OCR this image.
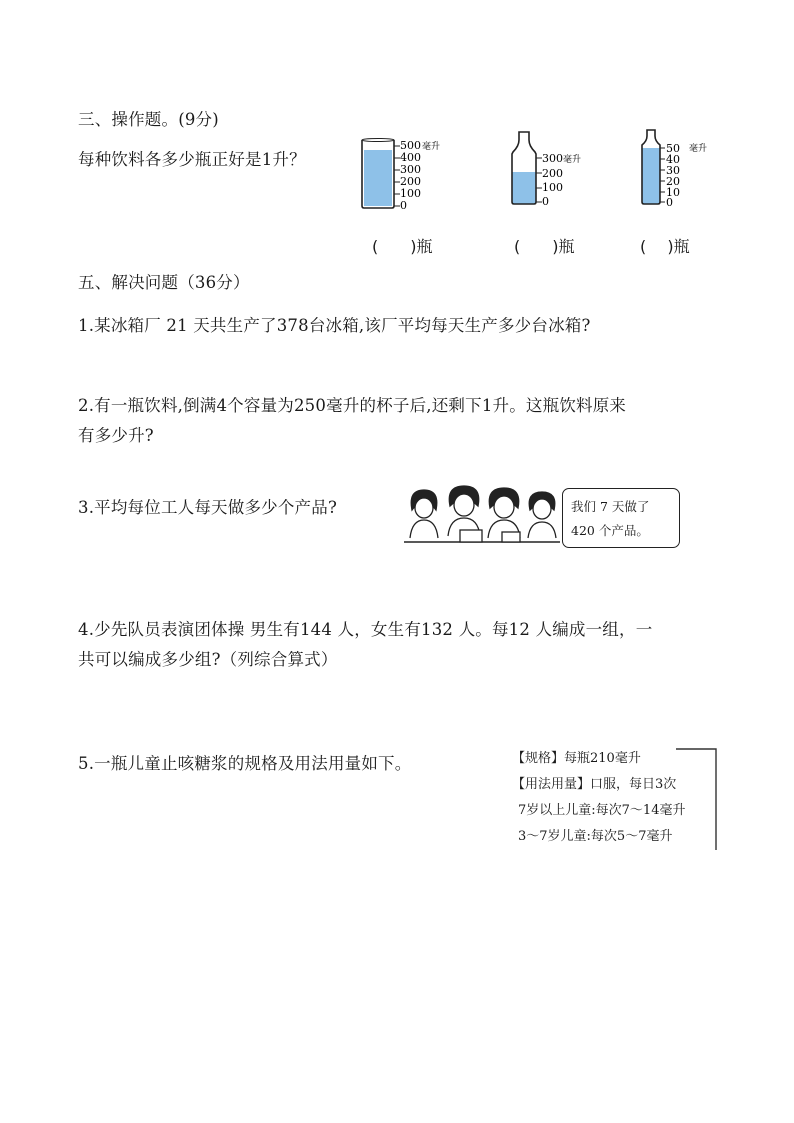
三、操作题。(9分)
每种饮料各多少瓶正好是1升？
500 毫升
400
300
200
100
0
300 毫升
200
100
0
50 毫升
40
30
20
10
0
(　　)瓶	(　　)瓶	(　 )瓶
五、解决问题（36分）
1.某冰箱厂 21 天共生产了378台冰箱,该厂平均每天生产多少台冰箱?
2.有一瓶饮料,倒满4个容量为250毫升的杯子后,还剩下1升。这瓶饮料原来
有多少升?
3.平均每位工人每天做多少个产品?	我们 7 天做了
420 个产品。
4.少先队员表演团体操 男生有144 人，女生有132 人。每12 人编成一组，一
共可以编成多少组?（列综合算式）
5.一瓶儿童止咳糖浆的规格及用法用量如下。	【规格】每瓶210毫升
【用法用量】口服，每日3次
7岁以上儿童:每次7～14毫升
3～7岁儿童:每次5～7毫升
